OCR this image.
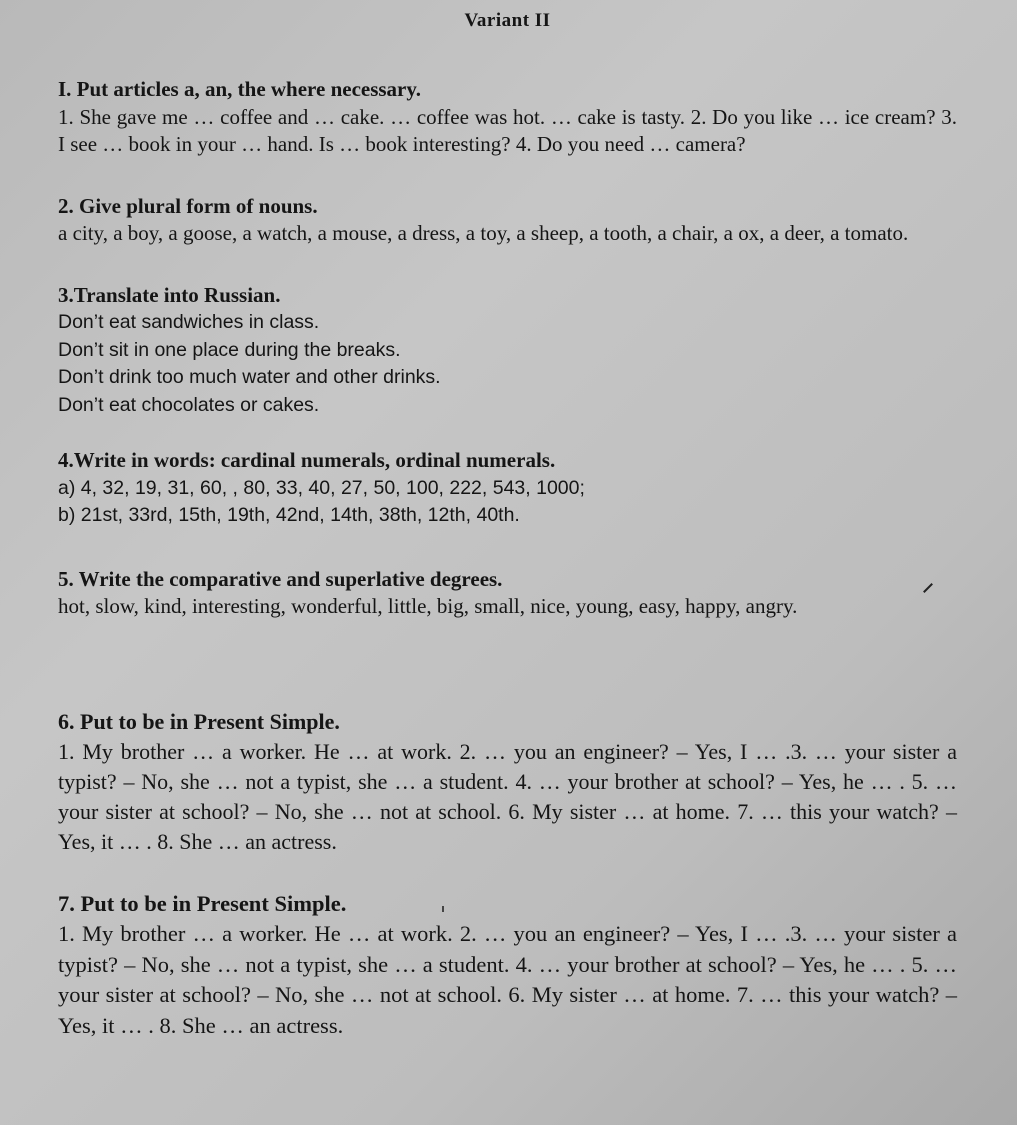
Variant II
I. Put articles a, an, the where necessary.
1. She gave me … coffee and … cake. … coffee was hot. … cake is tasty. 2. Do you like … ice cream? 3. I see … book in your … hand. Is … book interesting? 4. Do you need … camera?
2. Give plural form of nouns.
a city, a boy, a goose, a watch, a mouse, a dress, a toy, a sheep, a tooth, a chair, a ox, a deer, a tomato.
3.Translate into Russian.
Don’t eat sandwiches in class.
Don’t sit in one place during the breaks.
Don’t drink too much water and other drinks.
Don’t eat chocolates or cakes.
4.Write in words: cardinal numerals, ordinal numerals.
a) 4, 32, 19, 31, 60, , 80, 33, 40, 27, 50, 100, 222, 543, 1000;
b) 21st, 33rd, 15th, 19th, 42nd, 14th, 38th, 12th, 40th.
5. Write the comparative and superlative degrees.
hot, slow, kind, interesting, wonderful, little, big, small, nice, young, easy, happy, angry.
6. Put to be in Present Simple.
1. My brother … a worker. He … at work. 2. … you an engineer? – Yes, I … .3. … your sister a typist? – No, she … not a typist, she … a student. 4. … your brother at school? – Yes, he … . 5. … your sister at school? – No, she … not at school. 6. My sister … at home. 7. … this your watch? – Yes, it … . 8. She … an actress.
7. Put to be in Present Simple.
1. My brother … a worker. He … at work. 2. … you an engineer? – Yes, I … .3. … your sister a typist? – No, she … not a typist, she … a student. 4. … your brother at school? – Yes, he … . 5. … your sister at school? – No, she … not at school. 6. My sister … at home. 7. … this your watch? – Yes, it … . 8. She … an actress.
